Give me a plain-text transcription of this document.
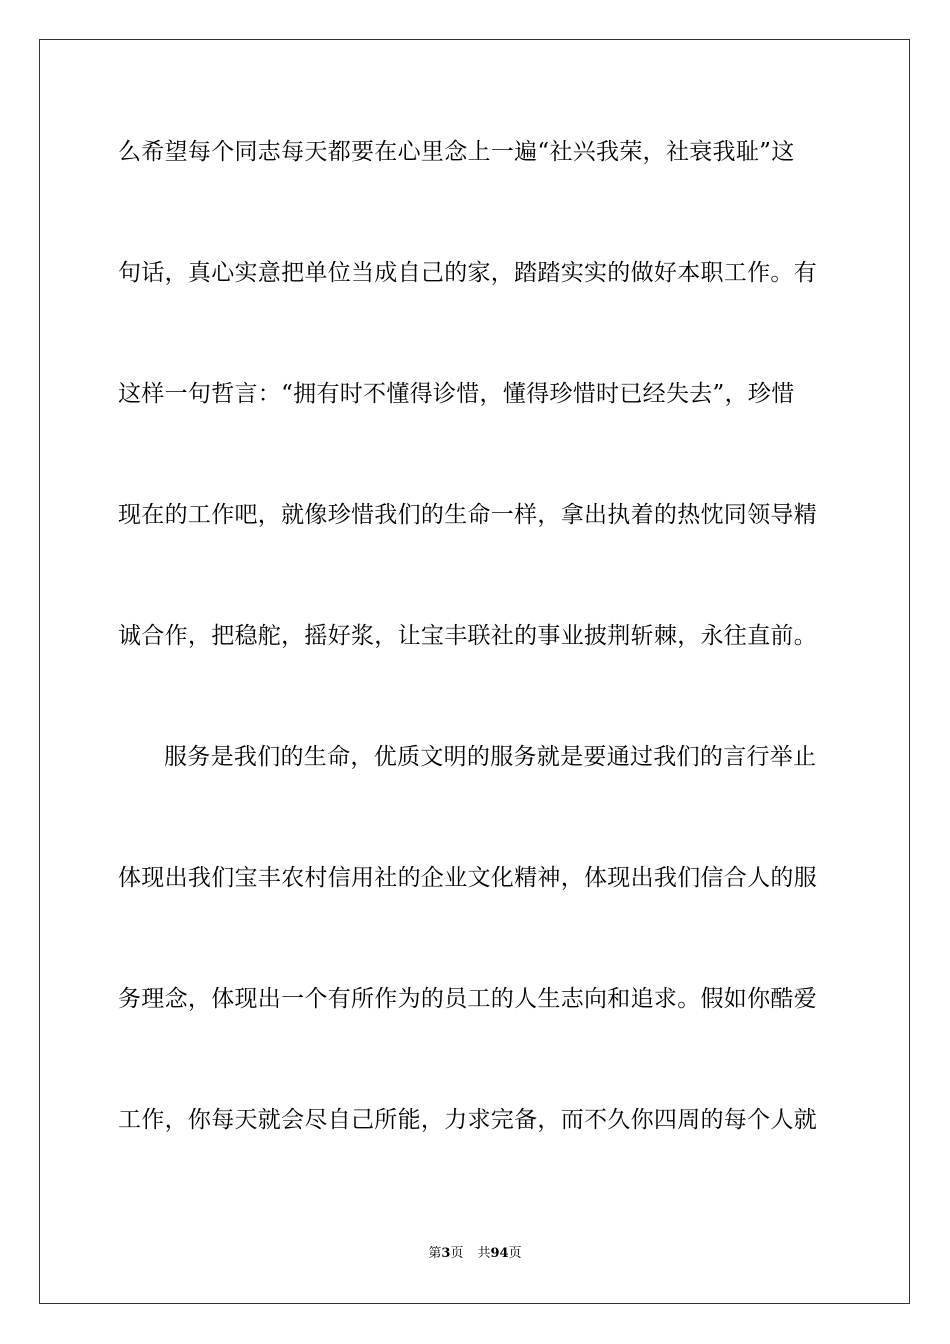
么希望每个同志每天都要在心里念上一遍“社兴我荣，社衰我耻”这

句话，真心实意把单位当成自己的家，踏踏实实的做好本职工作。有

这样一句哲言：“拥有时不懂得诊惜，懂得珍惜时已经失去”，珍惜

现在的工作吧，就像珍惜我们的生命一样，拿出执着的热忱同领导精

诚合作，把稳舵，摇好浆，让宝丰联社的事业披荆斩棘，永往直前。

服务是我们的生命，优质文明的服务就是要通过我们的言行举止

体现出我们宝丰农村信用社的企业文化精神，体现出我们信合人的服

务理念，体现出一个有所作为的员工的人生志向和追求。假如你酷爱

工作，你每天就会尽自己所能，力求完备，而不久你四周的每个人就

第3页 共94页
